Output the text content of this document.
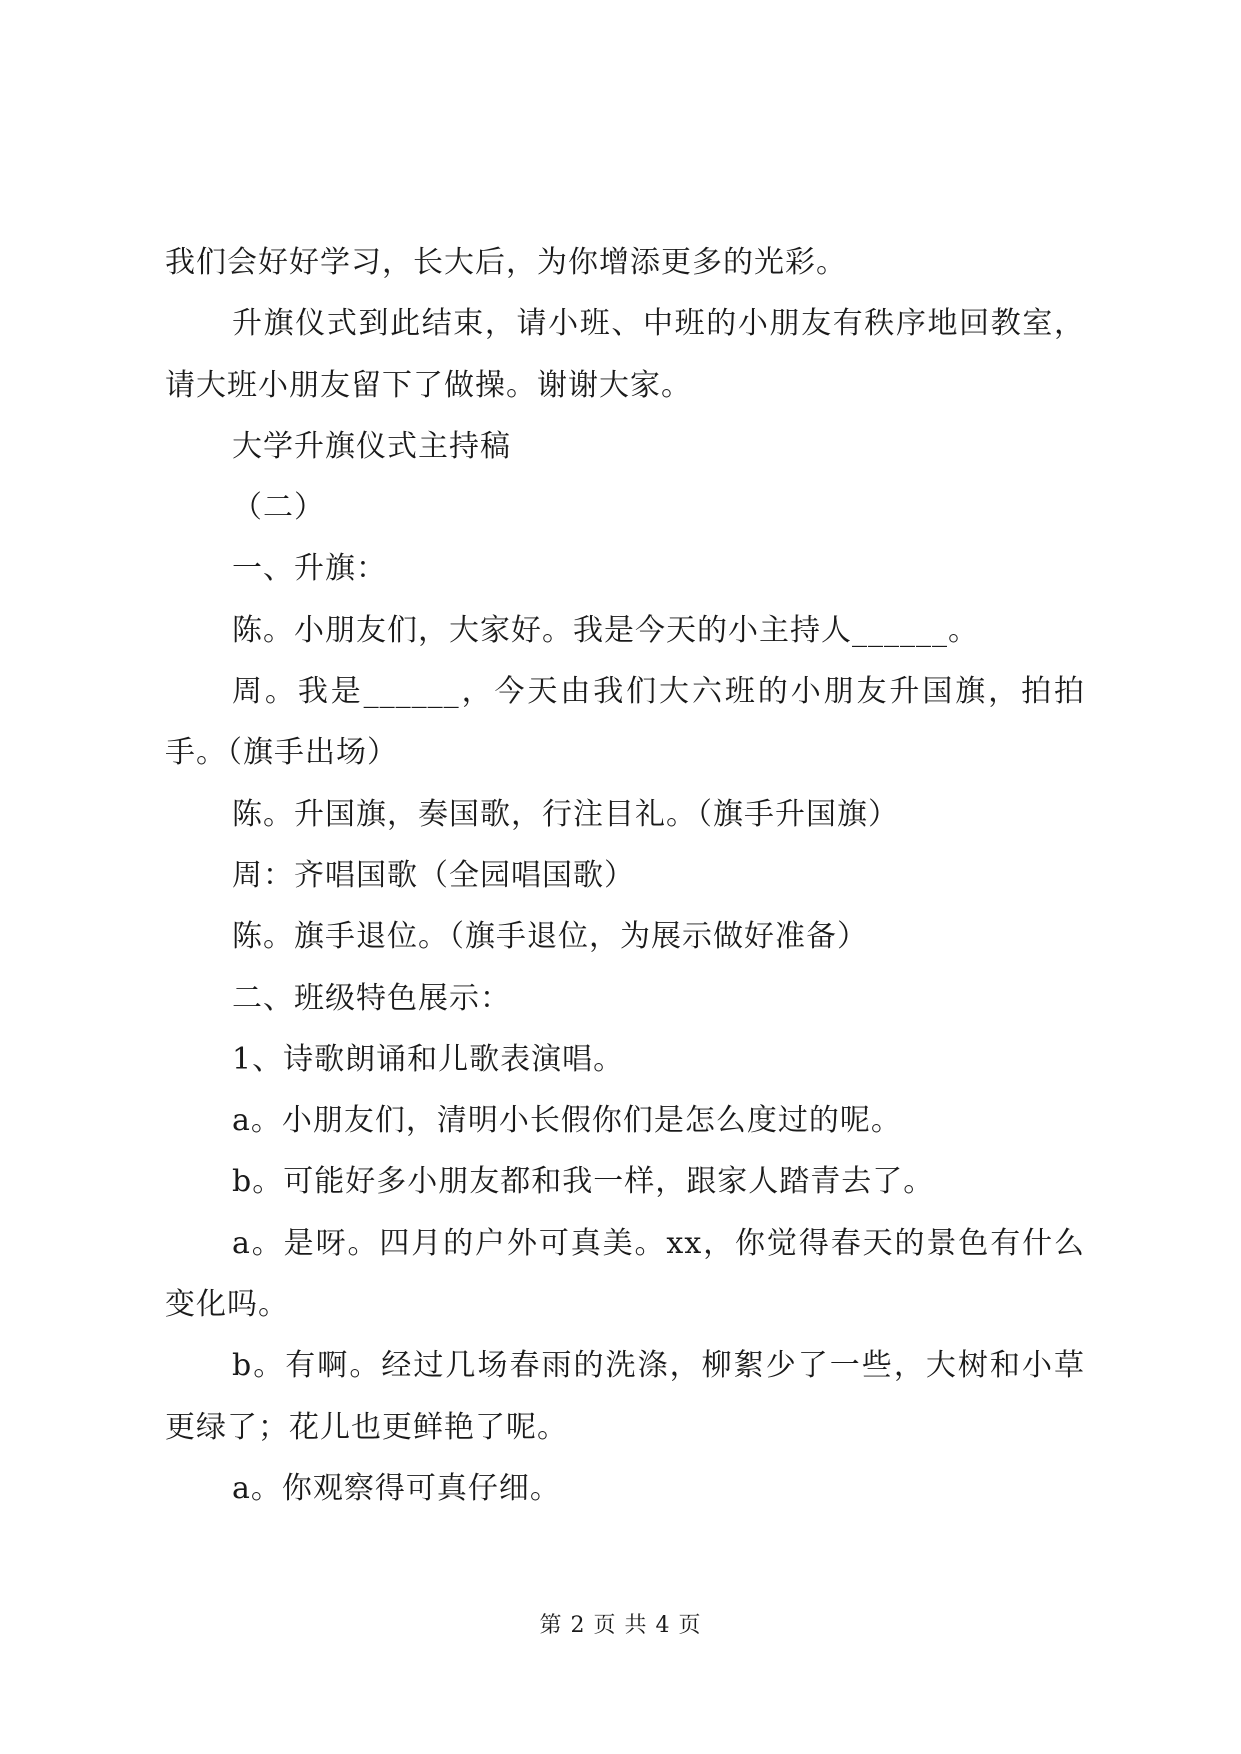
我们会好好学习，长大后，为你增添更多的光彩。

升旗仪式到此结束，请小班、中班的小朋友有秩序地回教室，请大班小朋友留下了做操。谢谢大家。

大学升旗仪式主持稿

（二）

一、升旗：

陈。小朋友们，大家好。我是今天的小主持人______。

周。我是______，今天由我们大六班的小朋友升国旗，拍拍手。（旗手出场）

陈。升国旗，奏国歌，行注目礼。（旗手升国旗）

周：齐唱国歌（全园唱国歌）

陈。旗手退位。（旗手退位，为展示做好准备）

二、班级特色展示：

1、诗歌朗诵和儿歌表演唱。

a。小朋友们，清明小长假你们是怎么度过的呢。

b。可能好多小朋友都和我一样，跟家人踏青去了。

a。是呀。四月的户外可真美。xx，你觉得春天的景色有什么变化吗。

b。有啊。经过几场春雨的洗涤，柳絮少了一些，大树和小草更绿了；花儿也更鲜艳了呢。

a。你观察得可真仔细。

第 2 页 共 4 页
